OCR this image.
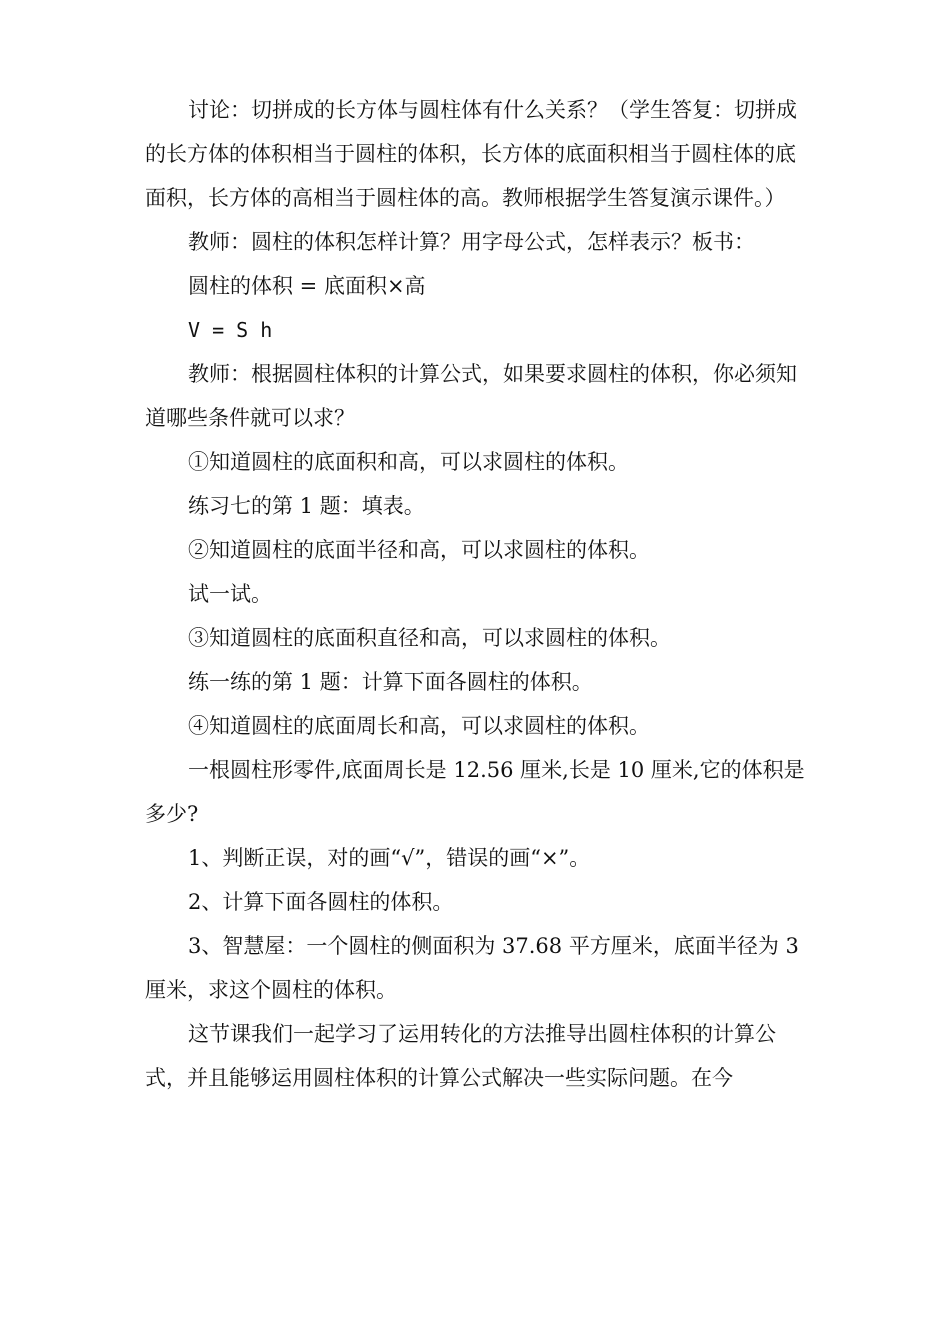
讨论：切拼成的长方体与圆柱体有什么关系？（学生答复：切拼成的长方体的体积相当于圆柱的体积，长方体的底面积相当于圆柱体的底面积，长方体的高相当于圆柱体的高。教师根据学生答复演示课件。）

教师：圆柱的体积怎样计算？用字母公式，怎样表示？板书：

圆柱的体积 = 底面积×高

V = S h

教师：根据圆柱体积的计算公式，如果要求圆柱的体积，你必须知道哪些条件就可以求？

①知道圆柱的底面积和高，可以求圆柱的体积。

练习七的第 1 题：填表。

②知道圆柱的底面半径和高，可以求圆柱的体积。

试一试。

③知道圆柱的底面积直径和高，可以求圆柱的体积。

练一练的第 1 题：计算下面各圆柱的体积。

④知道圆柱的底面周长和高，可以求圆柱的体积。

一根圆柱形零件,底面周长是 12.56 厘米,长是 10 厘米,它的体积是多少?

1、判断正误，对的画“√”，错误的画“×”。

2、计算下面各圆柱的体积。

3、智慧屋：一个圆柱的侧面积为 37.68 平方厘米，底面半径为 3 厘米，求这个圆柱的体积。

这节课我们一起学习了运用转化的方法推导出圆柱体积的计算公式，并且能够运用圆柱体积的计算公式解决一些实际问题。在今
